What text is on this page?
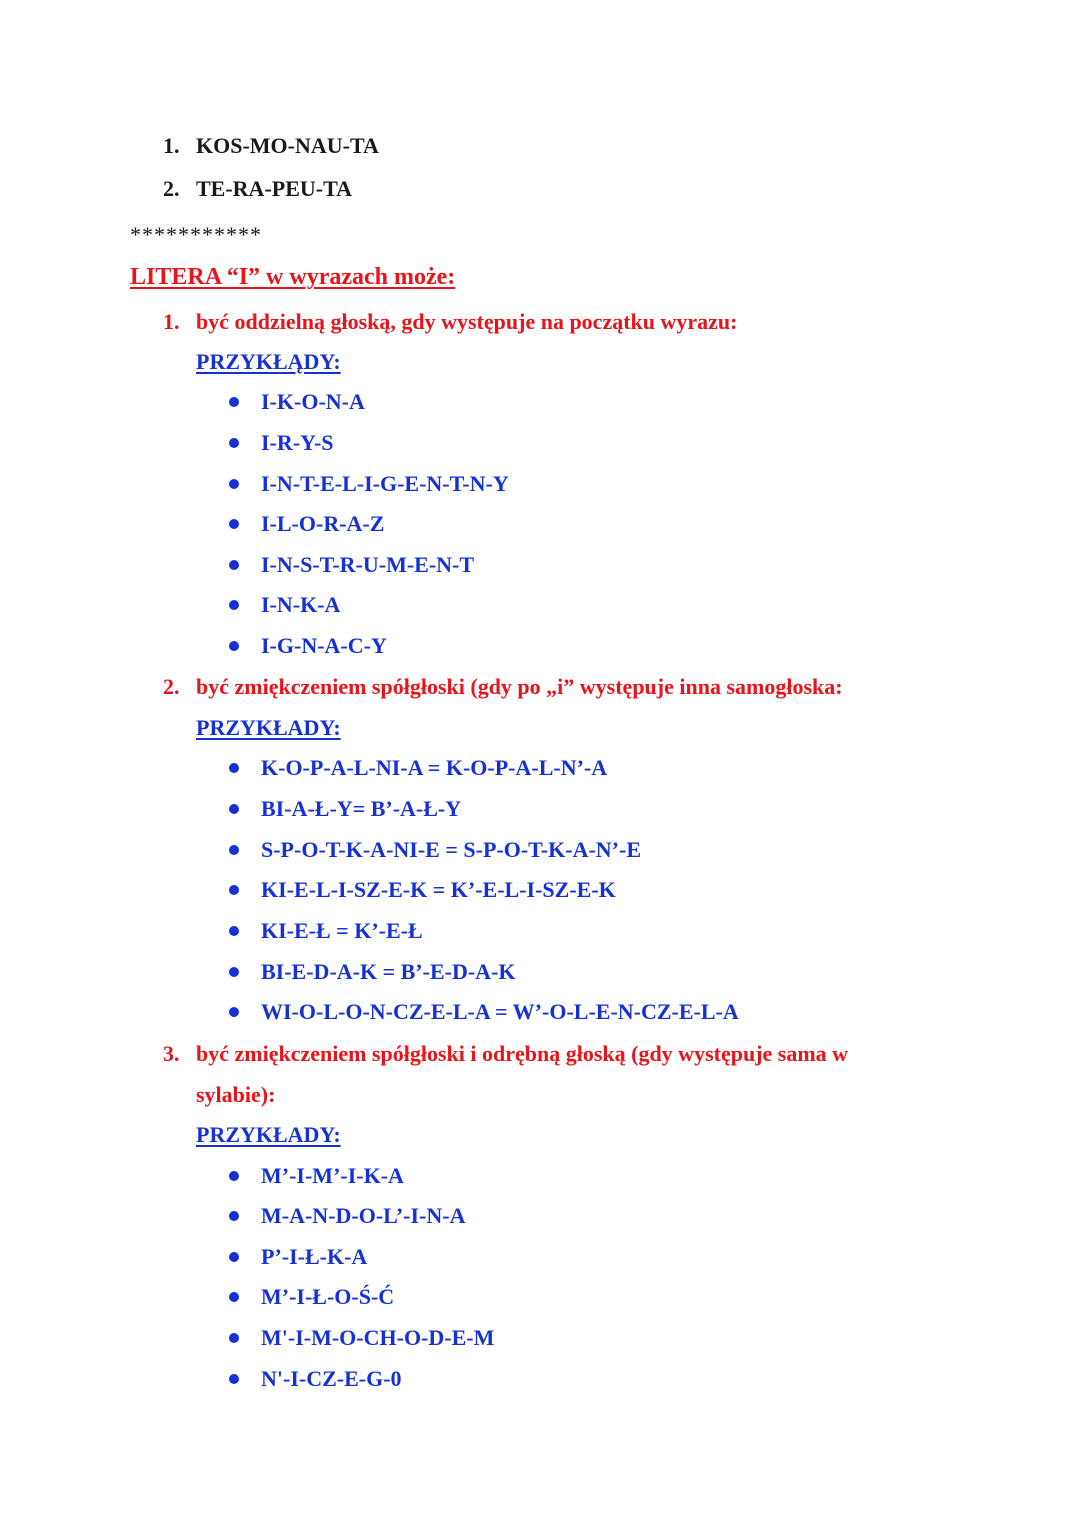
1. KOS-MO-NAU-TA
2. TE-RA-PEU-TA
***********
LITERA “I” w wyrazach może:
1. być oddzielną głoską, gdy występuje na początku wyrazu:
PRZYKŁĄDY:
I-K-O-N-A
I-R-Y-S
I-N-T-E-L-I-G-E-N-T-N-Y
I-L-O-R-A-Z
I-N-S-T-R-U-M-E-N-T
I-N-K-A
I-G-N-A-C-Y
2. być zmiękczeniem spółgłoski (gdy po „i” występuje inna samogłoska:
PRZYKŁADY:
K-O-P-A-L-NI-A = K-O-P-A-L-N’-A
BI-A-Ł-Y= B’-A-Ł-Y
S-P-O-T-K-A-NI-E = S-P-O-T-K-A-N’-E
KI-E-L-I-SZ-E-K = K’-E-L-I-SZ-E-K
KI-E-Ł = K’-E-Ł
BI-E-D-A-K = B’-E-D-A-K
WI-O-L-O-N-CZ-E-L-A = W’-O-L-E-N-CZ-E-L-A
3. być zmiękczeniem spółgłoski i odrębną głoską (gdy występuje sama w
sylabie):
PRZYKŁADY:
M’-I-M’-I-K-A
M-A-N-D-O-L’-I-N-A
P’-I-Ł-K-A
M’-I-Ł-O-Ś-Ć
M'-I-M-O-CH-O-D-E-M
N'-I-CZ-E-G-0
